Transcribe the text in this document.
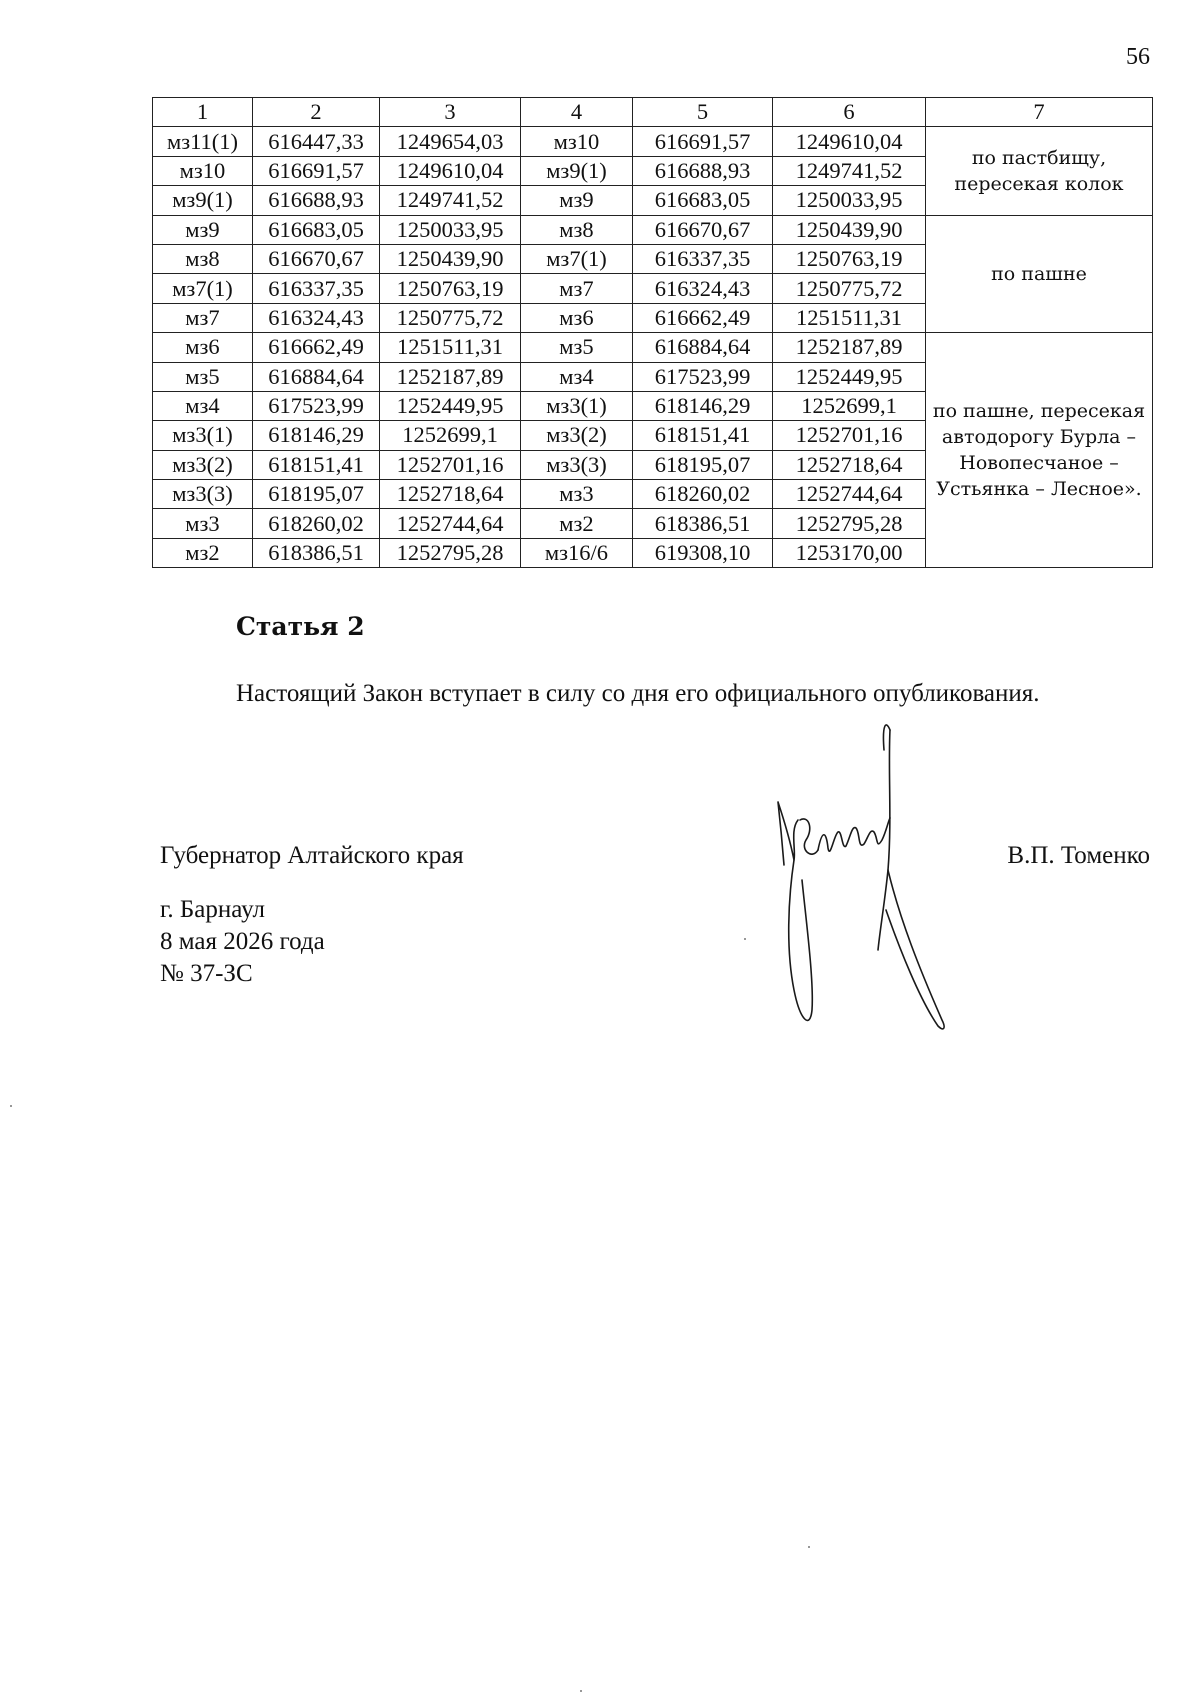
56
1	2	3	4	5	6	7
мз11(1)	616447,33	1249654,03	мз10	616691,57	1249610,04	по пастбищу, пересекая колок
мз10	616691,57	1249610,04	мз9(1)	616688,93	1249741,52	
мз9(1)	616688,93	1249741,52	мз9	616683,05	1250033,95	
мз9	616683,05	1250033,95	мз8	616670,67	1250439,90	по пашне
мз8	616670,67	1250439,90	мз7(1)	616337,35	1250763,19	
мз7(1)	616337,35	1250763,19	мз7	616324,43	1250775,72	
мз7	616324,43	1250775,72	мз6	616662,49	1251511,31	
мз6	616662,49	1251511,31	мз5	616884,64	1252187,89	по пашне, пересекая автодорогу Бурла – Новопесчаное – Устьянка – Лесное».
мз5	616884,64	1252187,89	мз4	617523,99	1252449,95	
мз4	617523,99	1252449,95	мз3(1)	618146,29	1252699,1	
мз3(1)	618146,29	1252699,1	мз3(2)	618151,41	1252701,16	
мз3(2)	618151,41	1252701,16	мз3(3)	618195,07	1252718,64	
мз3(3)	618195,07	1252718,64	мз3	618260,02	1252744,64	
мз3	618260,02	1252744,64	мз2	618386,51	1252795,28	
мз2	618386,51	1252795,28	мз16/6	619308,10	1253170,00	
Статья 2
Настоящий Закон вступает в силу со дня его официального опубликования.
Губернатор Алтайского края	В.П. Томенко
г. Барнаул
8 мая 2026 года
№ 37-ЗС
